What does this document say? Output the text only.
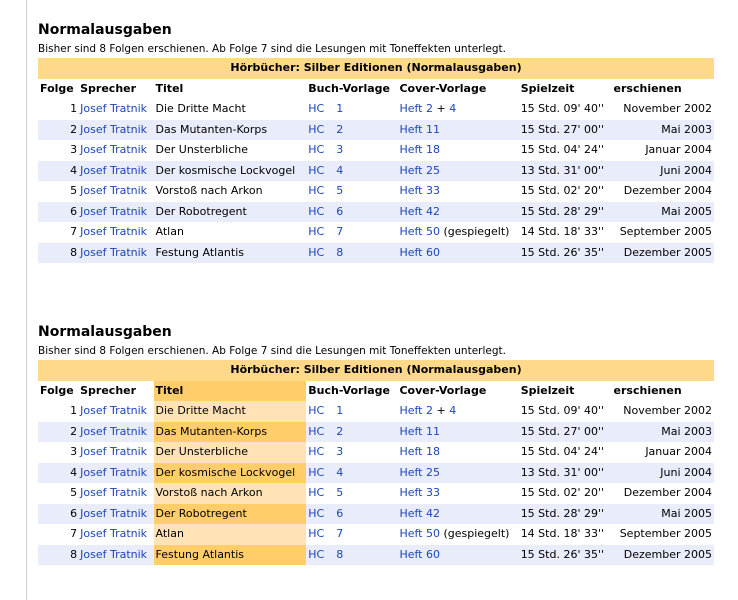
Normalausgaben

Bisher sind 8 Folgen erschienen. Ab Folge 7 sind die Lesungen mit Toneffekten unterlegt.

Hörbücher: Silber Editionen (Normalausgaben)						
Folge	Sprecher	Titel	Buch-Vorlage	Cover-Vorlage	Spielzeit	erschienen
1	Josef Tratnik	Die Dritte Macht	HC 1	Heft 2 + 4	15 Std. 09' 40''	November 2002
2	Josef Tratnik	Das Mutanten-Korps	HC 2	Heft 11	15 Std. 27' 00''	Mai 2003
3	Josef Tratnik	Der Unsterbliche	HC 3	Heft 18	15 Std. 04' 24''	Januar 2004
4	Josef Tratnik	Der kosmische Lockvogel	HC 4	Heft 25	13 Std. 31' 00''	Juni 2004
5	Josef Tratnik	Vorstoß nach Arkon	HC 5	Heft 33	15 Std. 02' 20''	Dezember 2004
6	Josef Tratnik	Der Robotregent	HC 6	Heft 42	15 Std. 28' 29''	Mai 2005
7	Josef Tratnik	Atlan	HC 7	Heft 50 (gespiegelt)	14 Std. 18' 33''	September 2005
8	Josef Tratnik	Festung Atlantis	HC 8	Heft 60	15 Std. 26' 35''	Dezember 2005
Normalausgaben

Bisher sind 8 Folgen erschienen. Ab Folge 7 sind die Lesungen mit Toneffekten unterlegt.

Hörbücher: Silber Editionen (Normalausgaben)						
Folge	Sprecher	Titel	Buch-Vorlage	Cover-Vorlage	Spielzeit	erschienen
1	Josef Tratnik	Die Dritte Macht	HC 1	Heft 2 + 4	15 Std. 09' 40''	November 2002
2	Josef Tratnik	Das Mutanten-Korps	HC 2	Heft 11	15 Std. 27' 00''	Mai 2003
3	Josef Tratnik	Der Unsterbliche	HC 3	Heft 18	15 Std. 04' 24''	Januar 2004
4	Josef Tratnik	Der kosmische Lockvogel	HC 4	Heft 25	13 Std. 31' 00''	Juni 2004
5	Josef Tratnik	Vorstoß nach Arkon	HC 5	Heft 33	15 Std. 02' 20''	Dezember 2004
6	Josef Tratnik	Der Robotregent	HC 6	Heft 42	15 Std. 28' 29''	Mai 2005
7	Josef Tratnik	Atlan	HC 7	Heft 50 (gespiegelt)	14 Std. 18' 33''	September 2005
8	Josef Tratnik	Festung Atlantis	HC 8	Heft 60	15 Std. 26' 35''	Dezember 2005
